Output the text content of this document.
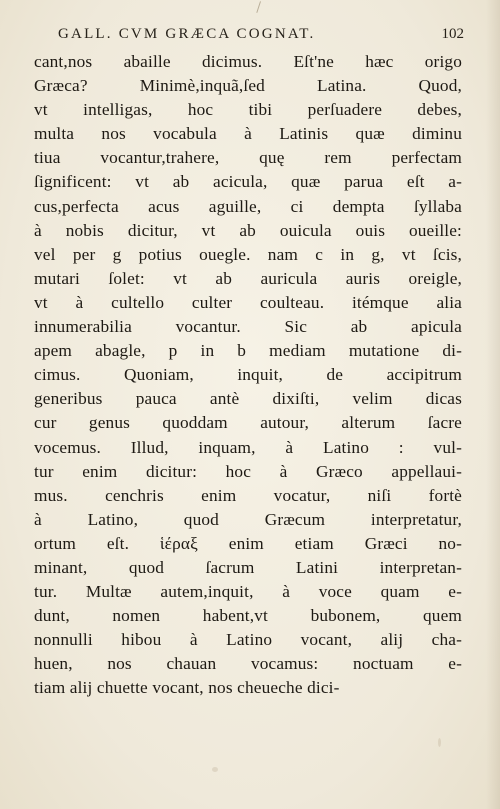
GALL. CVM GRÆCA COGNAT.	102
cant,nos abaille dicimus. Eſt'ne hæc origo
Græca? Minimè,inquã,ſed Latina. Quod,
vt intelligas, hoc tibi perſuadere debes,
multa nos vocabula à Latinis quæ diminu
tiua vocantur,trahere, quę rem perfectam
ſignificent: vt ab acicula, quæ parua eſt a-
cus,perfecta acus aguille, ci dempta ſyllaba
à nobis dicitur, vt ab ouicula ouis oueille:
vel per g potius ouegle. nam c in g, vt ſcis,
mutari ſolet: vt ab auricula auris oreigle,
vt à cultello culter coulteau. itémque alia
innumerabilia vocantur. Sic ab apicula
apem abagle, p in b mediam mutatione di-
cimus. Quoniam, inquit, de accipitrum
generibus pauca antè dixiſti, velim dicas
cur genus quoddam autour, alterum ſacre
vocemus. Illud, inquam, à Latino : vul-
tur enim dicitur: hoc à Græco appellaui-
mus. cenchris enim vocatur, niſi fortè
à Latino, quod Græcum interpretatur,
ortum eſt. ἱέραξ enim etiam Græci no-
minant, quod ſacrum Latini interpretan-
tur. Multæ autem,inquit, à voce quam e-
dunt, nomen habent,vt bubonem, quem
nonnulli hibou à Latino vocant, alij cha-
huen, nos chauan vocamus: noctuam e-
tiam alij chuette vocant, nos cheueche dici-
